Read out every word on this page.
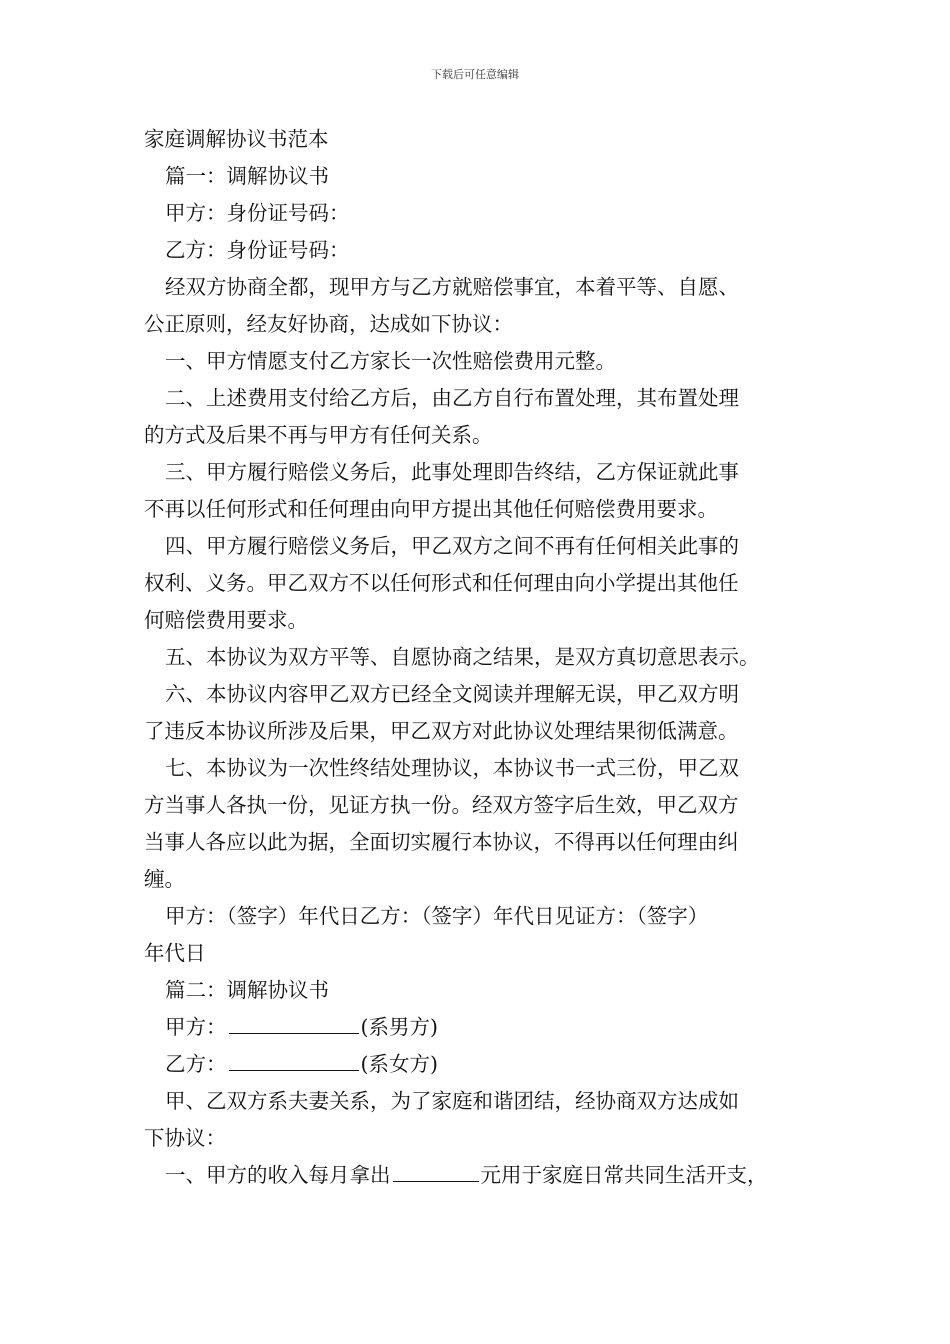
下载后可任意编辑
家庭调解协议书范本
篇一：调解协议书
甲方：身份证号码：
乙方：身份证号码：
经双方协商全都，现甲方与乙方就赔偿事宜，本着平等、自愿、
公正原则，经友好协商，达成如下协议：
一、甲方情愿支付乙方家长一次性赔偿费用元整。
二、上述费用支付给乙方后，由乙方自行布置处理，其布置处理
的方式及后果不再与甲方有任何关系。
三、甲方履行赔偿义务后，此事处理即告终结，乙方保证就此事
不再以任何形式和任何理由向甲方提出其他任何赔偿费用要求。
四、甲方履行赔偿义务后，甲乙双方之间不再有任何相关此事的
权利、义务。甲乙双方不以任何形式和任何理由向小学提出其他任
何赔偿费用要求。
五、本协议为双方平等、自愿协商之结果，是双方真切意思表示。
六、本协议内容甲乙双方已经全文阅读并理解无误，甲乙双方明
了违反本协议所涉及后果，甲乙双方对此协议处理结果彻低满意。
七、本协议为一次性终结处理协议，本协议书一式三份，甲乙双
方当事人各执一份，见证方执一份。经双方签字后生效，甲乙双方
当事人各应以此为据，全面切实履行本协议，不得再以任何理由纠
缠。
甲方：（签字）年代日乙方：（签字）年代日见证方：（签字）
年代日
篇二：调解协议书
甲方：	(系男方)
乙方：	(系女方)
甲、乙双方系夫妻关系，为了家庭和谐团结，经协商双方达成如
下协议：
一、甲方的收入每月拿出	元用于家庭日常共同生活开支，
